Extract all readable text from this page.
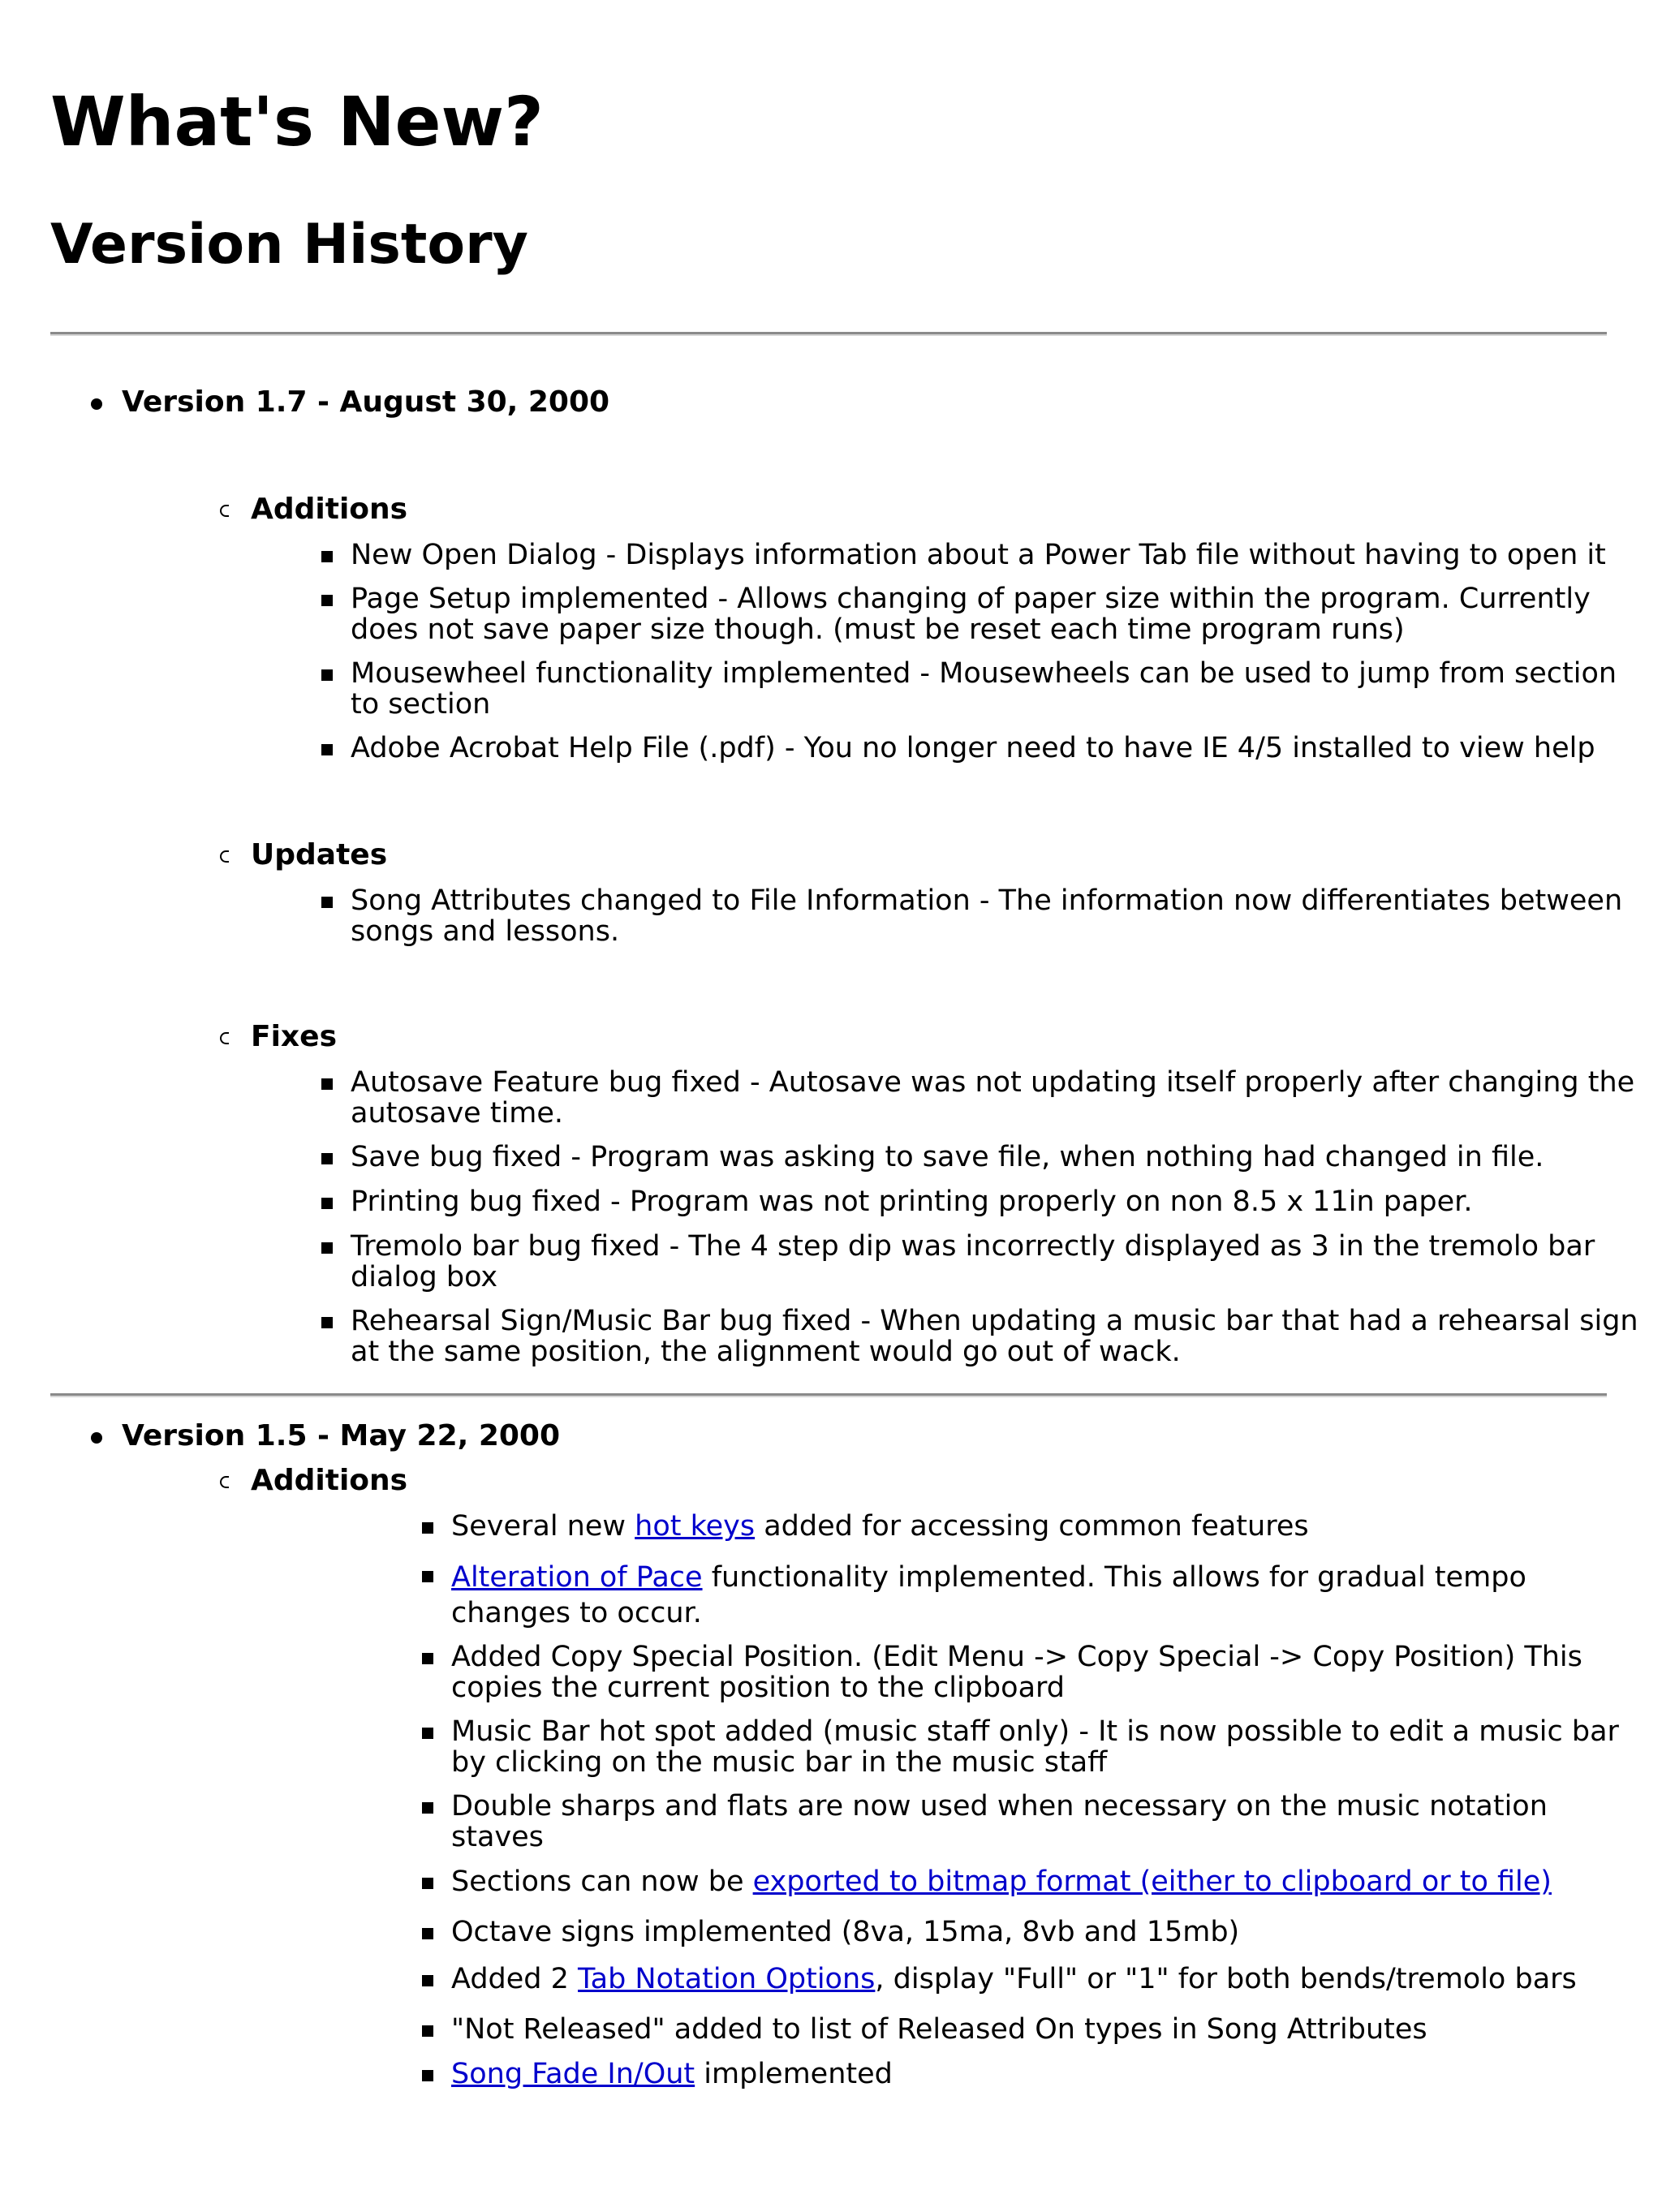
What's New?
Version History
Version 1.7 - August 30, 2000
Additions
New Open Dialog - Displays information about a Power Tab file without having to open it
Page Setup implemented - Allows changing of paper size within the program. Currently does not save paper size though. (must be reset each time program runs)
Mousewheel functionality implemented - Mousewheels can be used to jump from section to section
Adobe Acrobat Help File (.pdf) - You no longer need to have IE 4/5 installed to view help
Updates
Song Attributes changed to File Information - The information now differentiates between songs and lessons.
Fixes
Autosave Feature bug fixed - Autosave was not updating itself properly after changing the autosave time.
Save bug fixed - Program was asking to save file, when nothing had changed in file.
Printing bug fixed - Program was not printing properly on non 8.5 x 11in paper.
Tremolo bar bug fixed - The 4 step dip was incorrectly displayed as 3 in the tremolo bar dialog box
Rehearsal Sign/Music Bar bug fixed - When updating a music bar that had a rehearsal sign at the same position, the alignment would go out of wack.
Version 1.5 - May 22, 2000
Additions
Several new hot keys added for accessing common features
Alteration of Pace functionality implemented. This allows for gradual tempo changes to occur.
Added Copy Special Position. (Edit Menu -> Copy Special -> Copy Position) This copies the current position to the clipboard
Music Bar hot spot added (music staff only) - It is now possible to edit a music bar by clicking on the music bar in the music staff
Double sharps and flats are now used when necessary on the music notation staves
Sections can now be exported to bitmap format (either to clipboard or to file)
Octave signs implemented (8va, 15ma, 8vb and 15mb)
Added 2 Tab Notation Options, display "Full" or "1" for both bends/tremolo bars
"Not Released" added to list of Released On types in Song Attributes
Song Fade In/Out implemented
